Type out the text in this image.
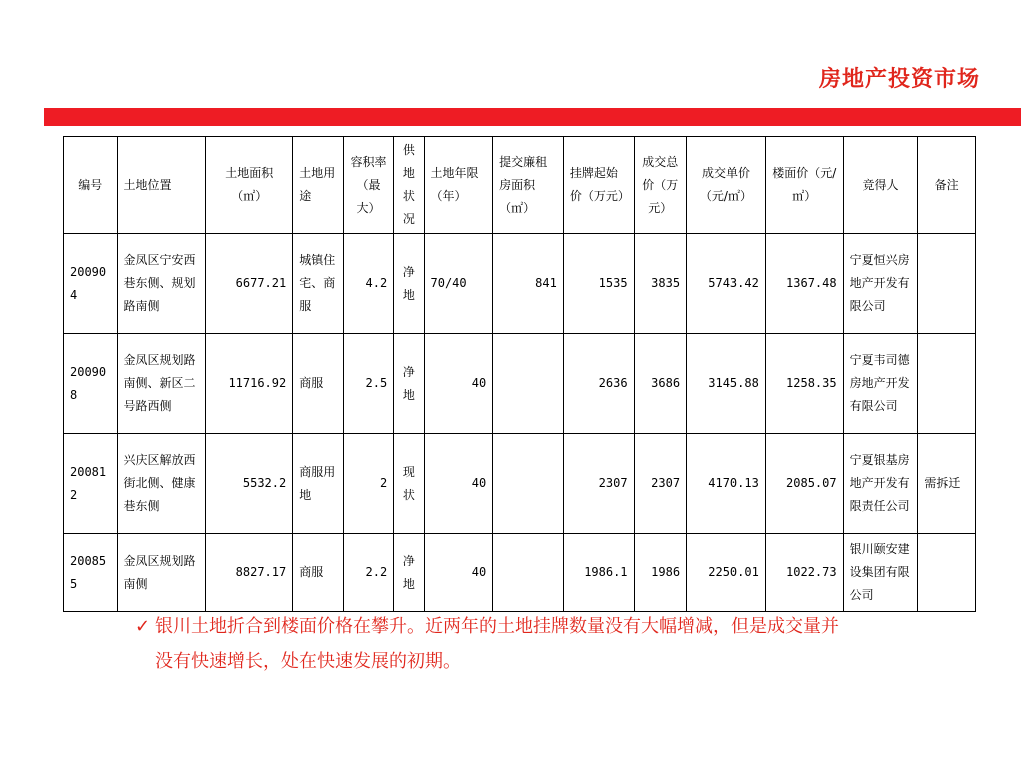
房地产投资市场
编号	土地位置	土地面积（㎡）	土地用途	容积率（最大）	供地状况	土地年限（年）	提交廉租房面积（㎡）	挂牌起始价（万元）	成交总价（万元）	成交单价（元/㎡）	楼面价（元/㎡）	竞得人	备注
200904	金凤区宁安西巷东侧、规划路南侧	6677.21	城镇住宅、商服	4.2	净地	70/40	841	1535	3835	5743.42	1367.48	宁夏恒兴房地产开发有限公司	
200908	金凤区规划路南侧、新区二号路西侧	11716.92	商服	2.5	净地	40		2636	3686	3145.88	1258.35	宁夏韦司德房地产开发有限公司	
200812	兴庆区解放西街北侧、健康巷东侧	5532.2	商服用地	2	现状	40		2307	2307	4170.13	2085.07	宁夏银基房地产开发有限责任公司	需拆迁
200855	金凤区规划路南侧	8827.17	商服	2.2	净地	40		1986.1	1986	2250.01	1022.73	银川颐安建设集团有限公司	
✓ 银川土地折合到楼面价格在攀升。近两年的土地挂牌数量没有大幅增减，但是成交量并没有快速增长，处在快速发展的初期。
